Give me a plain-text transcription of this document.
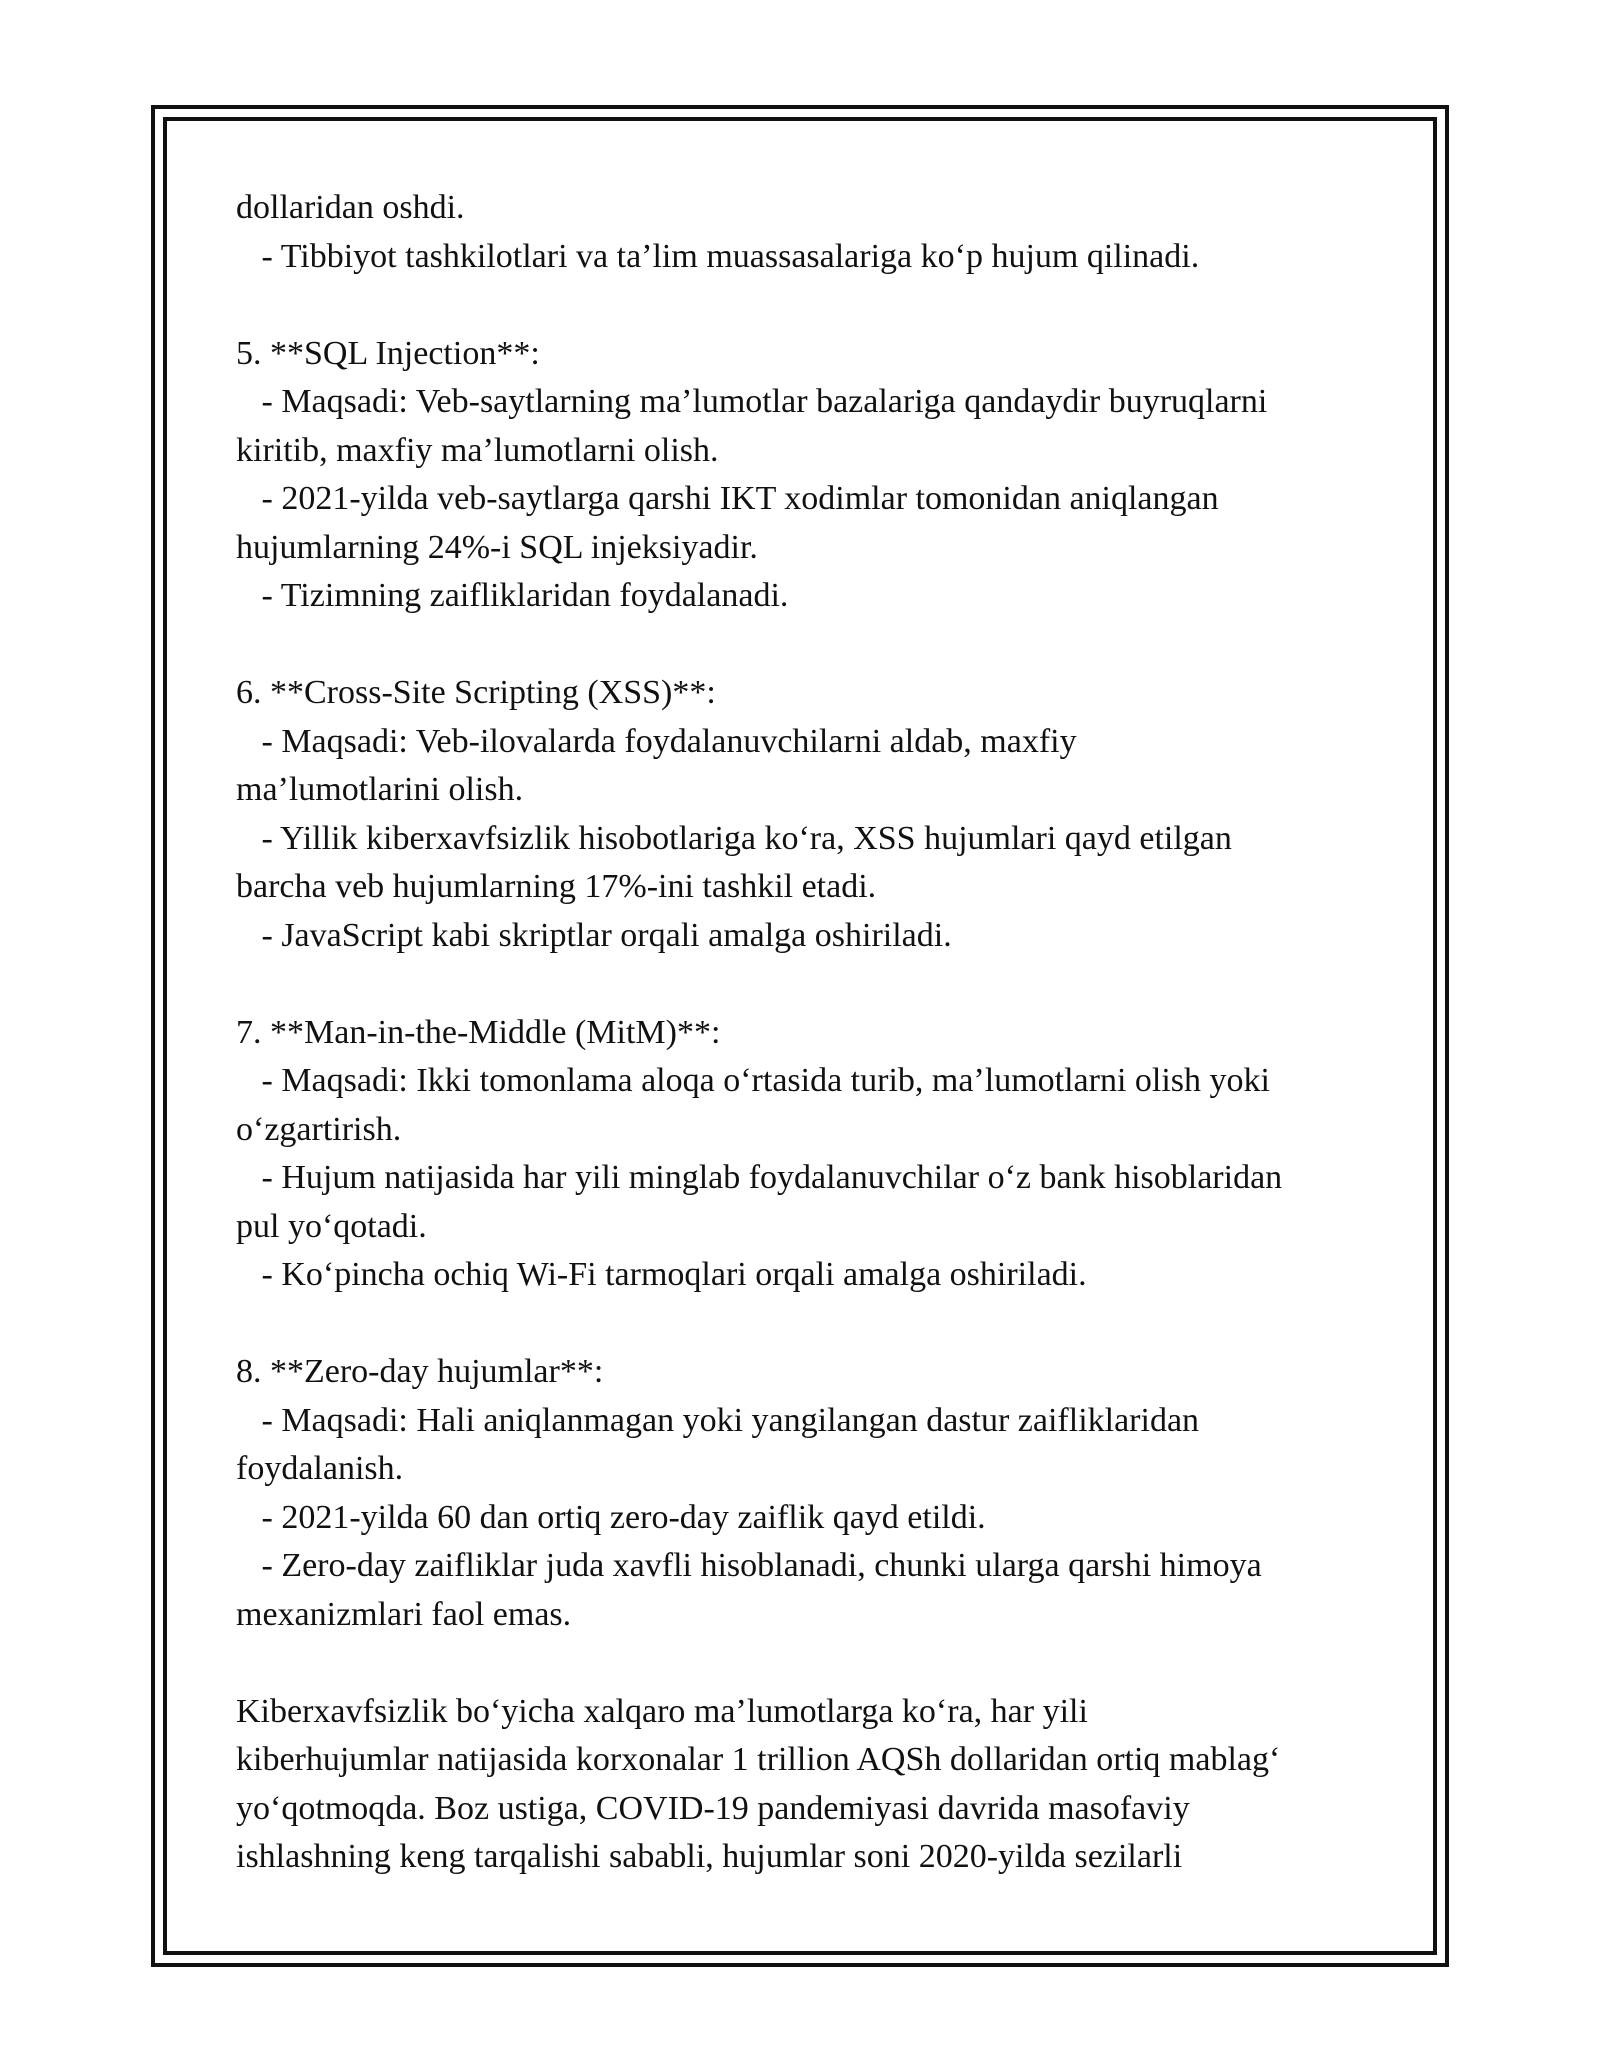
dollaridan oshdi.

- Tibbiyot tashkilotlari va ta’lim muassasalariga ko‘p hujum qilinadi.

5. **SQL Injection**:

- Maqsadi: Veb-saytlarning ma’lumotlar bazalariga qandaydir buyruqlarni

kiritib, maxfiy ma’lumotlarni olish.

- 2021-yilda veb-saytlarga qarshi IKT xodimlar tomonidan aniqlangan

hujumlarning 24%-i SQL injeksiyadir.

- Tizimning zaifliklaridan foydalanadi.

6. **Cross-Site Scripting (XSS)**:

- Maqsadi: Veb-ilovalarda foydalanuvchilarni aldab, maxfiy

ma’lumotlarini olish.

- Yillik kiberxavfsizlik hisobotlariga ko‘ra, XSS hujumlari qayd etilgan

barcha veb hujumlarning 17%-ini tashkil etadi.

- JavaScript kabi skriptlar orqali amalga oshiriladi.

7. **Man-in-the-Middle (MitM)**:

- Maqsadi: Ikki tomonlama aloqa o‘rtasida turib, ma’lumotlarni olish yoki

o‘zgartirish.

- Hujum natijasida har yili minglab foydalanuvchilar o‘z bank hisoblaridan

pul yo‘qotadi.

- Ko‘pincha ochiq Wi-Fi tarmoqlari orqali amalga oshiriladi.

8. **Zero-day hujumlar**:

- Maqsadi: Hali aniqlanmagan yoki yangilangan dastur zaifliklaridan

foydalanish.

- 2021-yilda 60 dan ortiq zero-day zaiflik qayd etildi.

- Zero-day zaifliklar juda xavfli hisoblanadi, chunki ularga qarshi himoya

mexanizmlari faol emas.

Kiberxavfsizlik bo‘yicha xalqaro ma’lumotlarga ko‘ra, har yili

kiberhujumlar natijasida korxonalar 1 trillion AQSh dollaridan ortiq mablag‘

yo‘qotmoqda. Boz ustiga, COVID-19 pandemiyasi davrida masofaviy

ishlashning keng tarqalishi sababli, hujumlar soni 2020-yilda sezilarli
